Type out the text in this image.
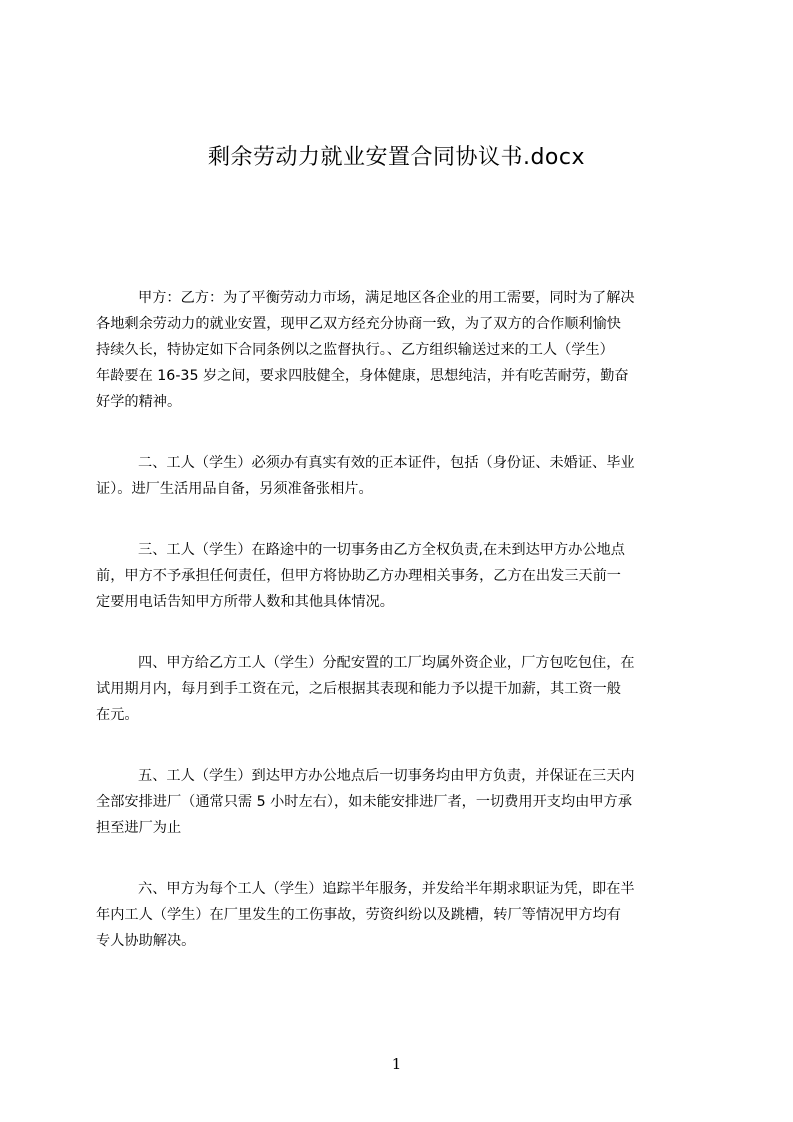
剩余劳动力就业安置合同协议书.docx
甲方：乙方：为了平衡劳动力市场，满足地区各企业的用工需要，同时为了解决
各地剩余劳动力的就业安置，现甲乙双方经充分协商一致，为了双方的合作顺利愉快
持续久长，特协定如下合同条例以之监督执行。、乙方组织输送过来的工人（学生）
年龄要在 16-35 岁之间，要求四肢健全，身体健康，思想纯洁，并有吃苦耐劳，勤奋
好学的精神。
二、工人（学生）必须办有真实有效的正本证件，包括（身份证、未婚证、毕业
证）。进厂生活用品自备，另须准备张相片。
三、工人（学生）在路途中的一切事务由乙方全权负责,在未到达甲方办公地点
前，甲方不予承担任何责任，但甲方将协助乙方办理相关事务，乙方在出发三天前一
定要用电话告知甲方所带人数和其他具体情况。
四、甲方给乙方工人（学生）分配安置的工厂均属外资企业，厂方包吃包住，在
试用期月内，每月到手工资在元，之后根据其表现和能力予以提干加薪，其工资一般
在元。
五、工人（学生）到达甲方办公地点后一切事务均由甲方负责，并保证在三天内
全部安排进厂（通常只需 5 小时左右），如未能安排进厂者，一切费用开支均由甲方承
担至进厂为止
六、甲方为每个工人（学生）追踪半年服务，并发给半年期求职证为凭，即在半
年内工人（学生）在厂里发生的工伤事故，劳资纠纷以及跳槽，转厂等情况甲方均有
专人协助解决。
1
